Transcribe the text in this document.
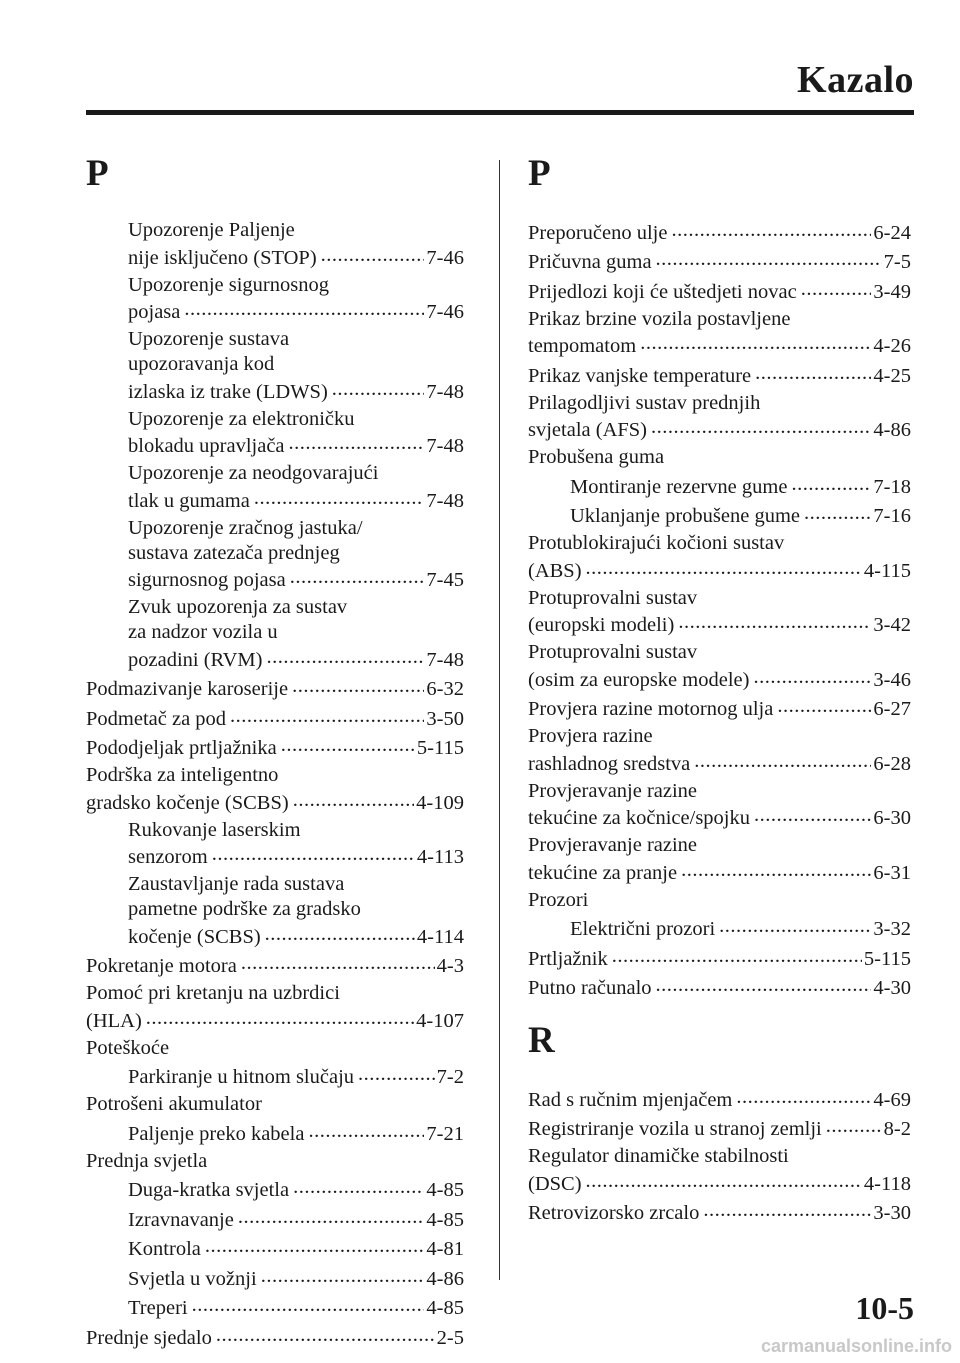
Kazalo
P
Upozorenje Paljenje
nije isključeno (STOP) .....	7-46
Upozorenje sigurnosnog
pojasa .....	7-46
Upozorenje sustava
upozoravanja kod
izlaska iz trake (LDWS) .....	7-48
Upozorenje za elektroničku
blokadu upravljača .....	7-48
Upozorenje za neodgovarajući
tlak u gumama .....	7-48
Upozorenje zračnog jastuka/
sustava zatezača prednjeg
sigurnosnog pojasa .....	7-45
Zvuk upozorenja za sustav
za nadzor vozila u
pozadini (RVM) .....	7-48
Podmazivanje karoserije .....	6-32
Podmetač za pod .....	3-50
Pododjeljak prtljažnika .....	5-115
Podrška za inteligentno
gradsko kočenje (SCBS) .....	4-109
Rukovanje laserskim
senzorom .....	4-113
Zaustavljanje rada sustava
pametne podrške za gradsko
kočenje (SCBS) .....	4-114
Pokretanje motora .....	4-3
Pomoć pri kretanju na uzbrdici
(HLA) .....	4-107
Poteškoće
Parkiranje u hitnom slučaju .....	7-2
Potrošeni akumulator
Paljenje preko kabela .....	7-21
Prednja svjetla
Duga-kratka svjetla .....	4-85
Izravnavanje .....	4-85
Kontrola .....	4-81
Svjetla u vožnji .....	4-86
Treperi .....	4-85
Prednje sjedalo .....	2-5
P
Preporučeno ulje .....	6-24
Pričuvna guma .....	7-5
Prijedlozi koji će uštedjeti novac .....	3-49
Prikaz brzine vozila postavljene
tempomatom .....	4-26
Prikaz vanjske temperature .....	4-25
Prilagodljivi sustav prednjih
svjetala (AFS) .....	4-86
Probušena guma
Montiranje rezervne gume .....	7-18
Uklanjanje probušene gume .....	7-16
Protublokirajući kočioni sustav
(ABS) .....	4-115
Protuprovalni sustav
(europski modeli) .....	3-42
Protuprovalni sustav
(osim za europske modele) .....	3-46
Provjera razine motornog ulja .....	6-27
Provjera razine
rashladnog sredstva .....	6-28
Provjeravanje razine
tekućine za kočnice/spojku .....	6-30
Provjeravanje razine
tekućine za pranje .....	6-31
Prozori
Električni prozori .....	3-32
Prtljažnik .....	5-115
Putno računalo .....	4-30
R
Rad s ručnim mjenjačem .....	4-69
Registriranje vozila u stranoj zemlji .....	8-2
Regulator dinamičke stabilnosti
(DSC) .....	4-118
Retrovizorsko zrcalo .....	3-30
10-5
carmanualsonline.info
